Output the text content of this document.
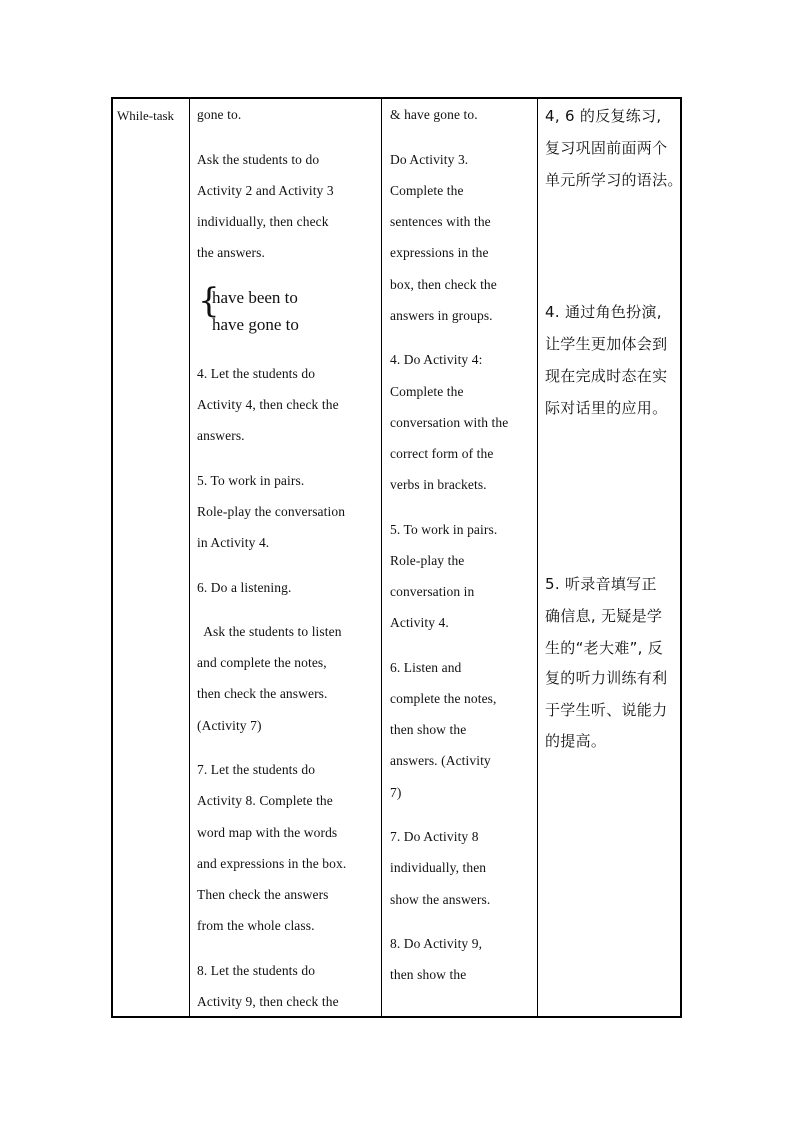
While-task gone to.
Ask the students to do
Activity 2 and Activity 3
individually, then check
the answers.
{
have been to
have gone to
4. Let the students do
Activity 4, then check the
answers.
5. To work in pairs.
Role-play the conversation
in Activity 4.
6. Do a listening.
Ask the students to listen
and complete the notes,
then check the answers.
(Activity 7)
7. Let the students do
Activity 8. Complete the
word map with the words
and expressions in the box.
Then check the answers
from the whole class.
8. Let the students do
Activity 9, then check the
& have gone to.
Do Activity 3.
Complete the
sentences with the
expressions in the
box, then check the
answers in groups.
4. Do Activity 4:
Complete the
conversation with the
correct form of the
verbs in brackets.
5. To work in pairs.
Role-play the
conversation in
Activity 4.
6. Listen and
complete the notes,
then show the
answers. (Activity
7)
7. Do Activity 8
individually, then
show the answers.
8. Do Activity 9,
then show the
4, 6 的反复练习,
复习巩固前面两个
单元所学习的语法。
4. 通过角色扮演,
让学生更加体会到
现在完成时态在实
际对话里的应用。
5. 听录音填写正
确信息, 无疑是学
生的“老大难”, 反
复的听力训练有利
于学生听、说能力
的提高。
